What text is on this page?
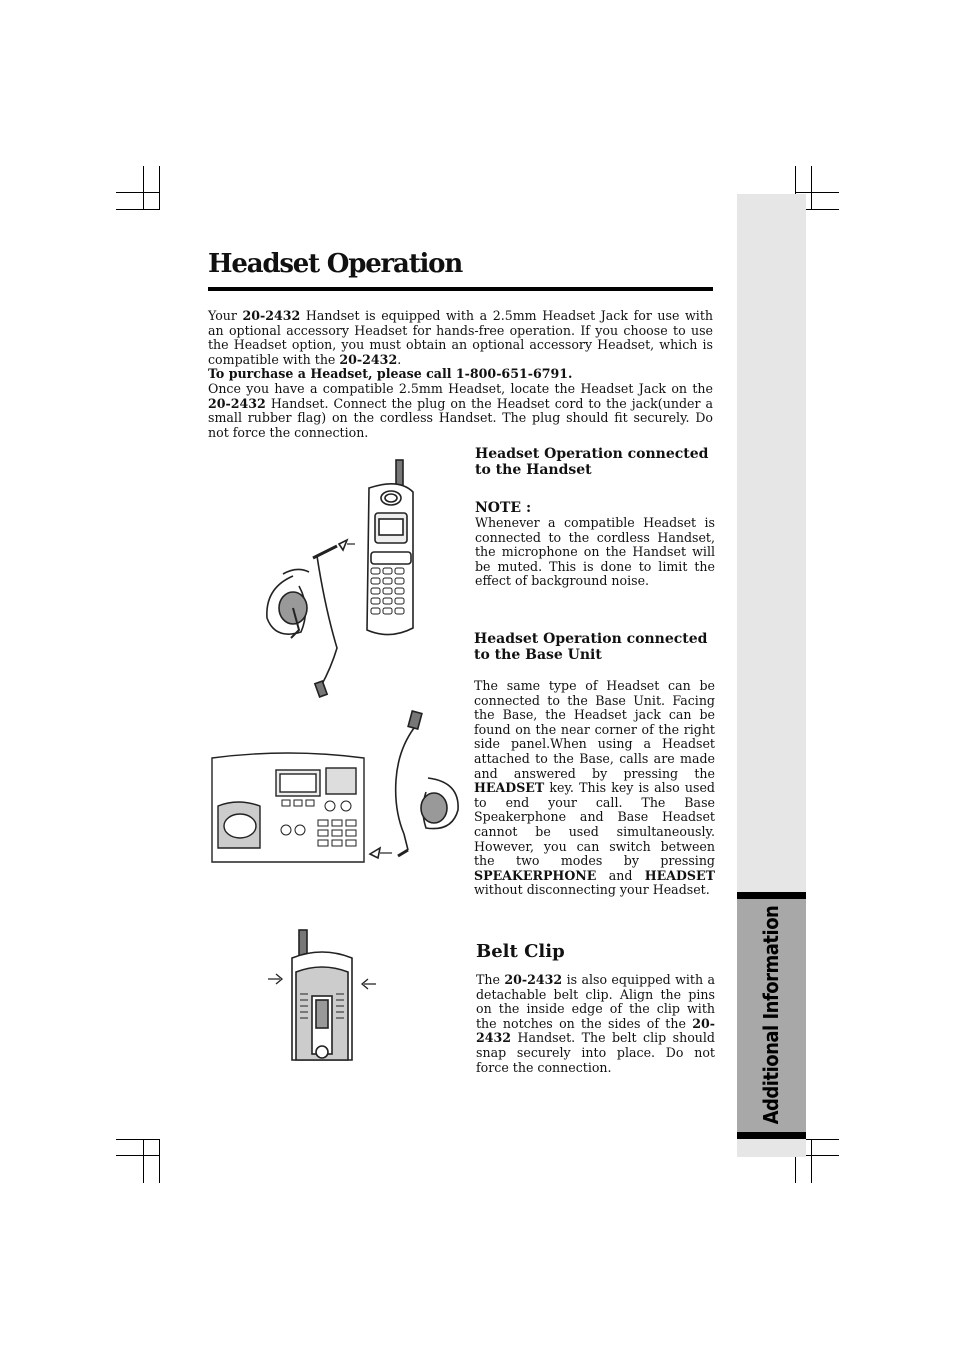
Additional Information
Headset Operation

Your 20-2432 Handset is equipped with a 2.5mm Headset Jack for use with an optional accessory Headset for hands-free operation. If you choose to use the Headset option, you must obtain an optional accessory Headset, which is compatible with the 20-2432.

To purchase a Headset, please call 1-800-651-6791.

Once you have a compatible 2.5mm Headset, locate the Headset Jack on the 20-2432 Handset. Connect the plug on the Headset cord to the jack(under a small rubber flag) on the cordless Handset. The plug should fit securely. Do not force the connection.

Headset Operation connected to the Handset
NOTE :

Whenever a compatible Headset is connected to the cordless Handset, the microphone on the Handset will be muted. This is done to limit the effect of background noise.

Headset Operation connected to the Base Unit

The same type of Headset can be connected to the Base Unit. Facing the Base, the Headset jack can be found on the near corner of the right side panel.When using a Headset attached to the Base, calls are made and answered by pressing the HEADSET key. This key is also used to end your call. The Base Speakerphone and Base Headset cannot be used simultaneously. However, you can switch between the two modes by pressing SPEAKERPHONE and HEADSET without disconnecting your Headset.

Belt Clip

The 20-2432 is also equipped with a detachable belt clip. Align the pins on the inside edge of the clip with the notches on the sides of the 20-2432 Handset. The belt clip should snap securely into place. Do not force the connection.
